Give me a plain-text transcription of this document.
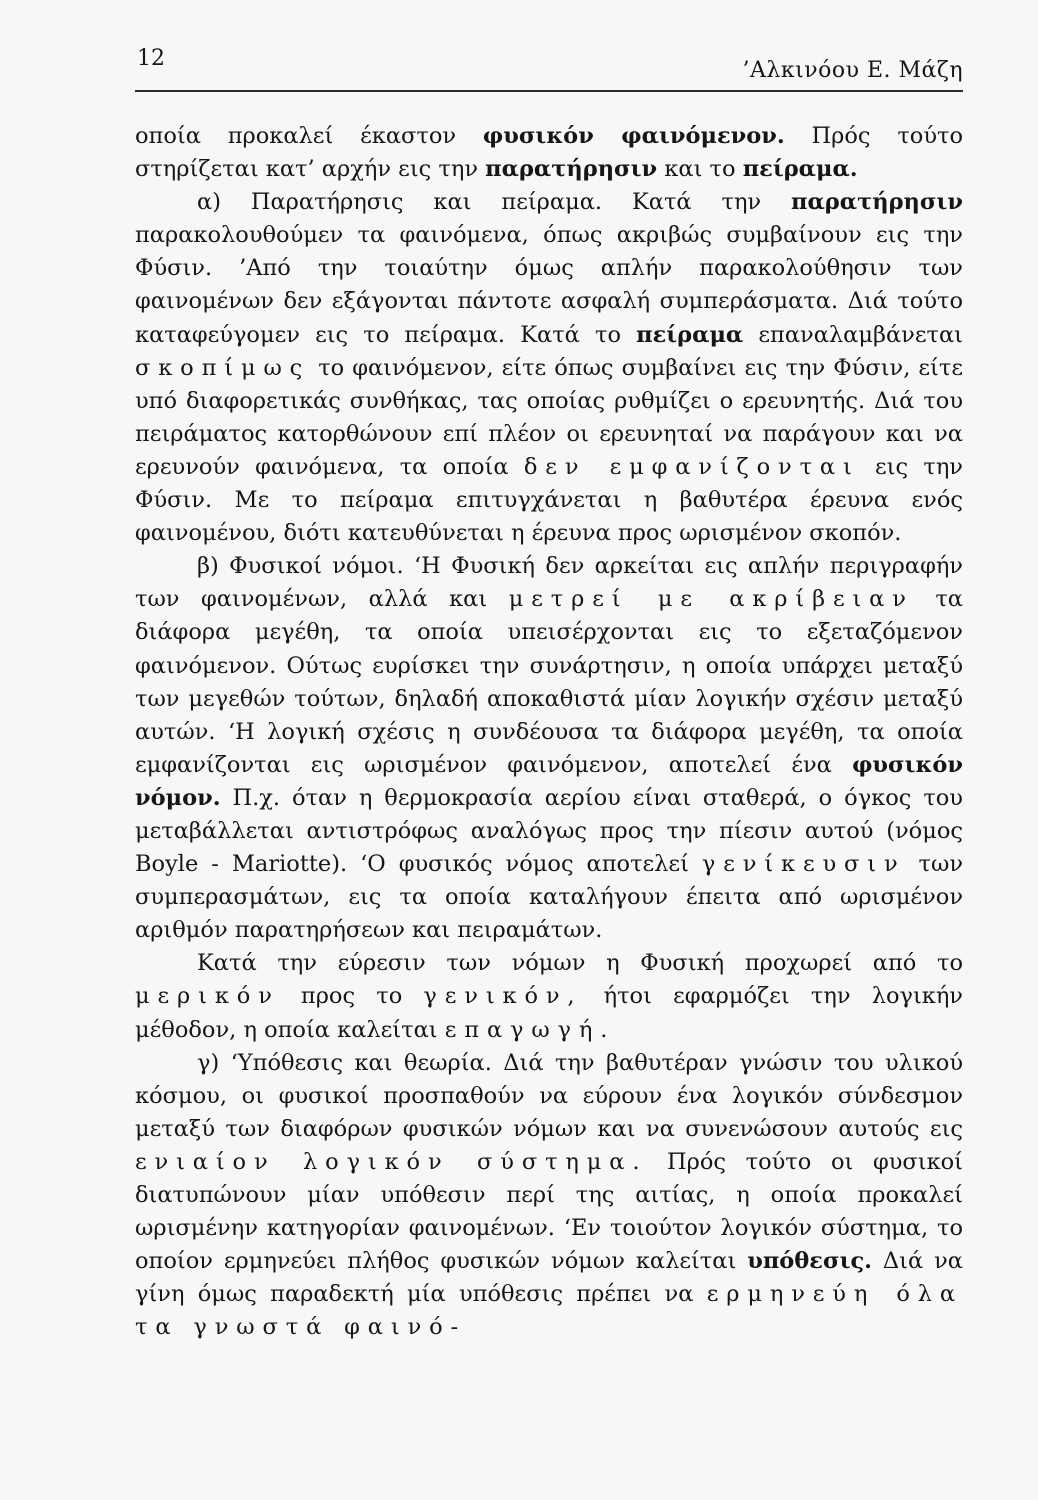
12	’Αλκινόου Ε. Μάζη

οποία προκαλεί έκαστον φυσικόν φαινόμενον. Πρός τούτο στηρίζεται κατ’ αρχήν εις την παρατήρησιν και το πείραμα.

α) Παρατήρησις και πείραμα. Κατά την παρατήρησιν παρακολουθούμεν τα φαινόμενα, όπως ακριβώς συμβαίνουν εις την Φύσιν. ’Από την τοιαύτην όμως απλήν παρακολούθησιν των φαινομένων δεν εξάγονται πάντοτε ασφαλή συμπεράσματα. Διά τούτο καταφεύγομεν εις το πείραμα. Κατά το πείραμα επαναλαμβάνεται σκοπίμως το φαινόμενον, είτε όπως συμβαίνει εις την Φύσιν, είτε υπό διαφορετικάς συνθήκας, τας οποίας ρυθμίζει ο ερευνητής. Διά του πειράματος κατορθώνουν επί πλέον οι ερευνηταί να παράγουν και να ερευνούν φαινόμενα, τα οποία δεν εμφανίζονται εις την Φύσιν. Με το πείραμα επιτυγχάνεται η βαθυτέρα έρευνα ενός φαινομένου, διότι κατευθύνεται η έρευνα προς ωρισμένον σκοπόν.

β) Φυσικοί νόμοι. ‘Η Φυσική δεν αρκείται εις απλήν περιγραφήν των φαινομένων, αλλά και μετρεί με ακρίβειαν τα διάφορα μεγέθη, τα οποία υπεισέρχονται εις το εξεταζόμενον φαινόμενον. Ούτως ευρίσκει την συνάρτησιν, η οποία υπάρχει μεταξύ των μεγεθών τούτων, δηλαδή αποκαθιστά μίαν λογικήν σχέσιν μεταξύ αυτών. ‘Η λογική σχέσις η συνδέουσα τα διάφορα μεγέθη, τα οποία εμφανίζονται εις ωρισμένον φαινόμενον, αποτελεί ένα φυσικόν νόμον. Π.χ. όταν η θερμοκρασία αερίου είναι σταθερά, ο όγκος του μεταβάλλεται αντιστρόφως αναλόγως προς την πίεσιν αυτού (νόμος Boyle - Mariotte). ‘Ο φυσικός νόμος αποτελεί γενίκευσιν των συμπερασμάτων, εις τα οποία καταλήγουν έπειτα από ωρισμένον αριθμόν παρατηρήσεων και πειραμάτων.

Κατά την εύρεσιν των νόμων η Φυσική προχωρεί από το μερικόν προς το γενικόν, ήτοι εφαρμόζει την λογικήν μέθοδον, η οποία καλείται επαγωγή.

γ) ‘Υπόθεσις και θεωρία. Διά την βαθυτέραν γνώσιν του υλικού κόσμου, οι φυσικοί προσπαθούν να εύρουν ένα λογικόν σύνδεσμον μεταξύ των διαφόρων φυσικών νόμων και να συνενώσουν αυτούς εις ενιαίον λογικόν σύστημα. Πρός τούτο οι φυσικοί διατυπώνουν μίαν υπόθεσιν περί της αιτίας, η οποία προκαλεί ωρισμένην κατηγορίαν φαινομένων. ‘Εν τοιούτον λογικόν σύστημα, το οποίον ερμηνεύει πλήθος φυσικών νόμων καλείται υπόθεσις. Διά να γίνη όμως παραδεκτή μία υπόθεσις πρέπει να ερμηνεύη όλα τα γνωστά φαινό-
